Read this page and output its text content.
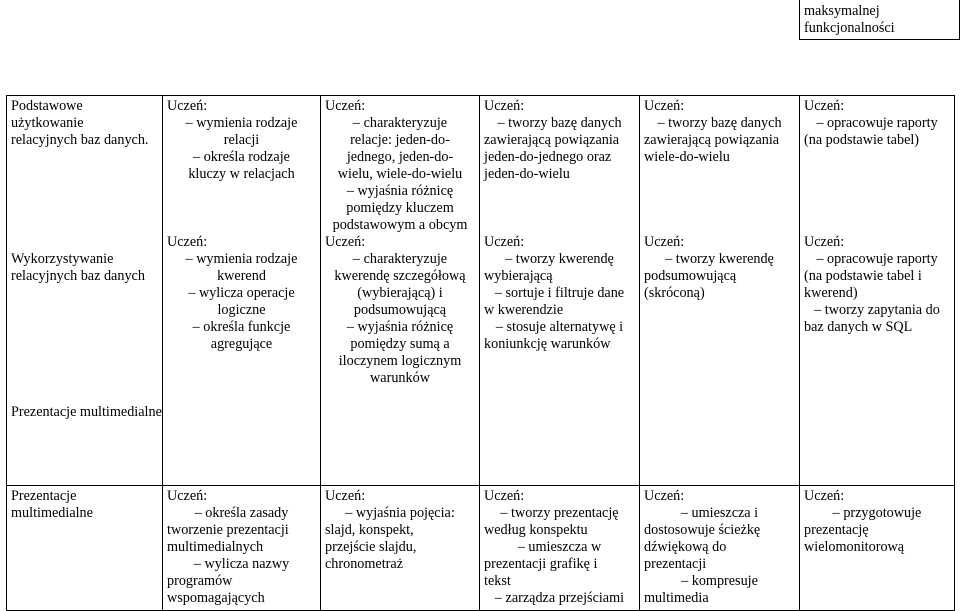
maksymalnej
funkcjonalności
Podstawowe
użytkowanie
relacyjnych baz danych.
Wykorzystywanie
relacyjnych baz danych
Prezentacje multimedialne
Uczeń:
– wymienia rodzaje
relacji
– określa rodzaje
kluczy w relacjach
Uczeń:
– wymienia rodzaje
kwerend
– wylicza operacje
logiczne
– określa funkcje
agregujące
Uczeń:
– charakteryzuje
relacje: jeden-do-
jednego, jeden-do-
wielu, wiele-do-wielu
– wyjaśnia różnicę
pomiędzy kluczem
podstawowym a obcym
Uczeń:
– charakteryzuje
kwerendę szczegółową
(wybierającą) i
podsumowującą
– wyjaśnia różnicę
pomiędzy sumą a
iloczynem logicznym
warunków
Uczeń:
– tworzy bazę danych
zawierającą powiązania
jeden-do-jednego oraz
jeden-do-wielu
Uczeń:
– tworzy kwerendę
wybierającą
– sortuje i filtruje dane
w kwerendzie
– stosuje alternatywę i
koniunkcję warunków
Uczeń:
– tworzy bazę danych
zawierającą powiązania
wiele-do-wielu
Uczeń:
– tworzy kwerendę
podsumowującą
(skróconą)
Uczeń:
– opracowuje raporty
(na podstawie tabel)
Uczeń:
– opracowuje raporty
(na podstawie tabel i
kwerend)
– tworzy zapytania do
baz danych w SQL
Prezentacje
multimedialne
Uczeń:
– określa zasady
tworzenie prezentacji
multimedialnych
– wylicza nazwy
programów
wspomagających
Uczeń:
– wyjaśnia pojęcia:
slajd, konspekt,
przejście slajdu,
chronometraż
Uczeń:
– tworzy prezentację
według konspektu
– umieszcza w
prezentacji grafikę i
tekst
– zarządza przejściami
Uczeń:
– umieszcza i
dostosowuje ścieżkę
dźwiękową do
prezentacji
– kompresuje
multimedia
Uczeń:
– przygotowuje
prezentację
wielomonitorową
